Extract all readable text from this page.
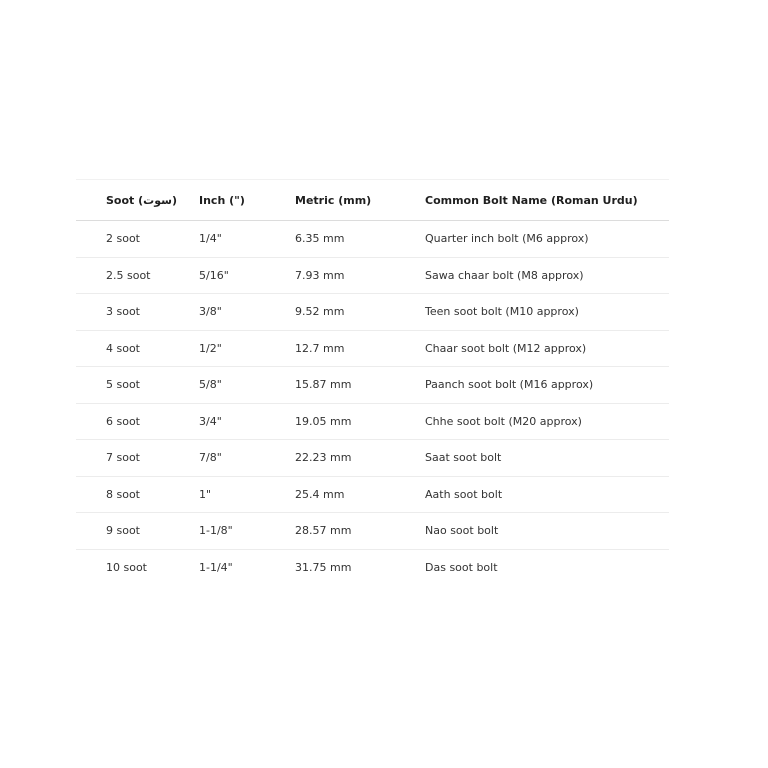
Soot (سوت)	Inch (")	Metric (mm)	Common Bolt Name (Roman Urdu)
2 soot	1/4"	6.35 mm	Quarter inch bolt (M6 approx)
2.5 soot	5/16"	7.93 mm	Sawa chaar bolt (M8 approx)
3 soot	3/8"	9.52 mm	Teen soot bolt (M10 approx)
4 soot	1/2"	12.7 mm	Chaar soot bolt (M12 approx)
5 soot	5/8"	15.87 mm	Paanch soot bolt (M16 approx)
6 soot	3/4"	19.05 mm	Chhe soot bolt (M20 approx)
7 soot	7/8"	22.23 mm	Saat soot bolt
8 soot	1"	25.4 mm	Aath soot bolt
9 soot	1-1/8"	28.57 mm	Nao soot bolt
10 soot	1-1/4"	31.75 mm	Das soot bolt
